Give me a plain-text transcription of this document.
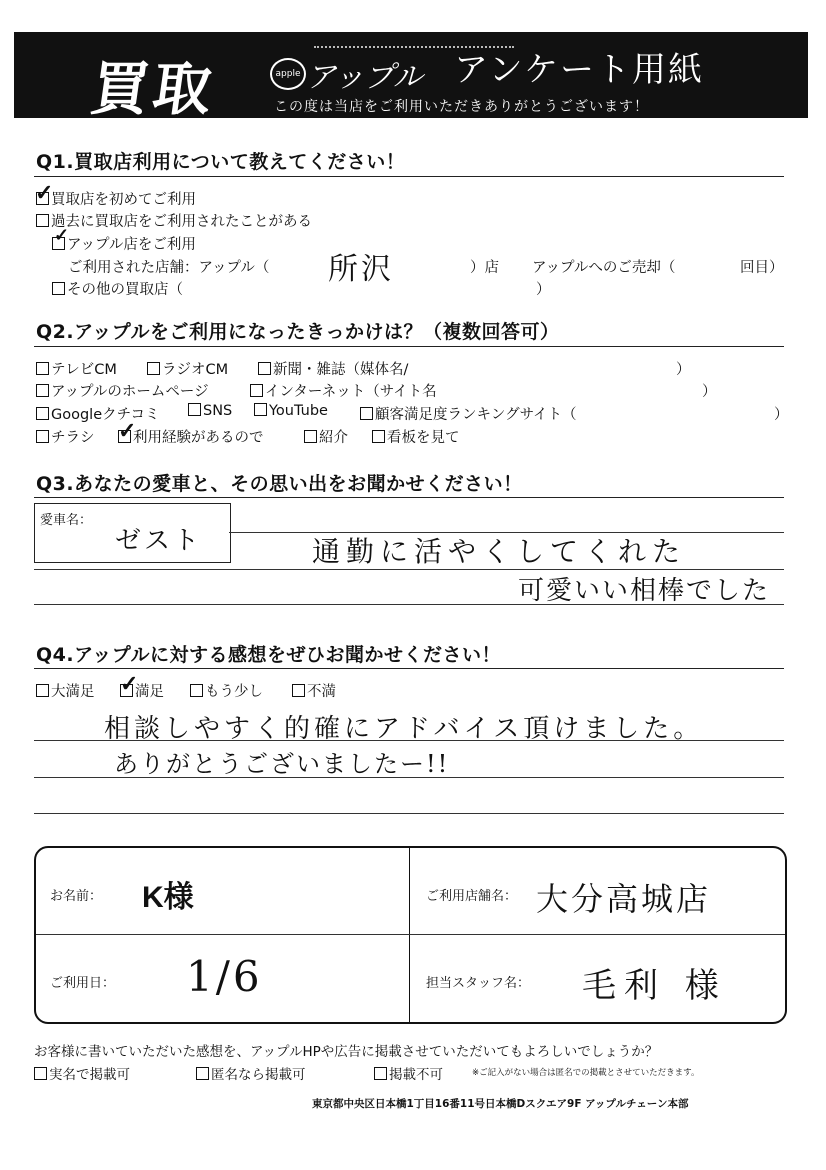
買取	apple アップル アンケート用紙
この度は当店をご利用いただきありがとうございます！
Q1.買取店利用について教えてください！
買取店を初めてご利用
✓
過去に買取店をご利用されたことがある
アップル店をご利用
✓
ご利用された店舗：アップル（ 所沢	）店 アップルへのご売却（	回目）
その他の買取店（	）
Q2.アップルをご利用になったきっかけは？（複数回答可）
テレビCM	ラジオCM	新聞・雑誌（媒体名/	）
アップルのホームページ	インターネット（サイト名	）
Googleクチコミ	SNS	YouTube	顧客満足度ランキングサイト（	）
チラシ	利用経験があるので
✓	紹介	看板を見て
Q3.あなたの愛車と、その思い出をお聞かせください！
愛車名：
ゼスト	通勤に活やくしてくれた
可愛いい相棒でした
Q4.アップルに対する感想をぜひお聞かせください！
大満足	満足
✓	もう少し	不満
相談しやすく的確にアドバイス頂けました。
ありがとうございましたー!!
お名前： K様	ご利用店舗名： 大分高城店
ご利用日： 1/6	担当スタッフ名： 毛利 様
お客様に書いていただいた感想を、アップルHPや広告に掲載させていただいてもよろしいでしょうか？
実名で掲載可	匿名なら掲載可	掲載不可	※ご記入がない場合は匿名での掲載とさせていただきます。
東京都中央区日本橋1丁目16番11号日本橋Dスクエア9F アップルチェーン本部
